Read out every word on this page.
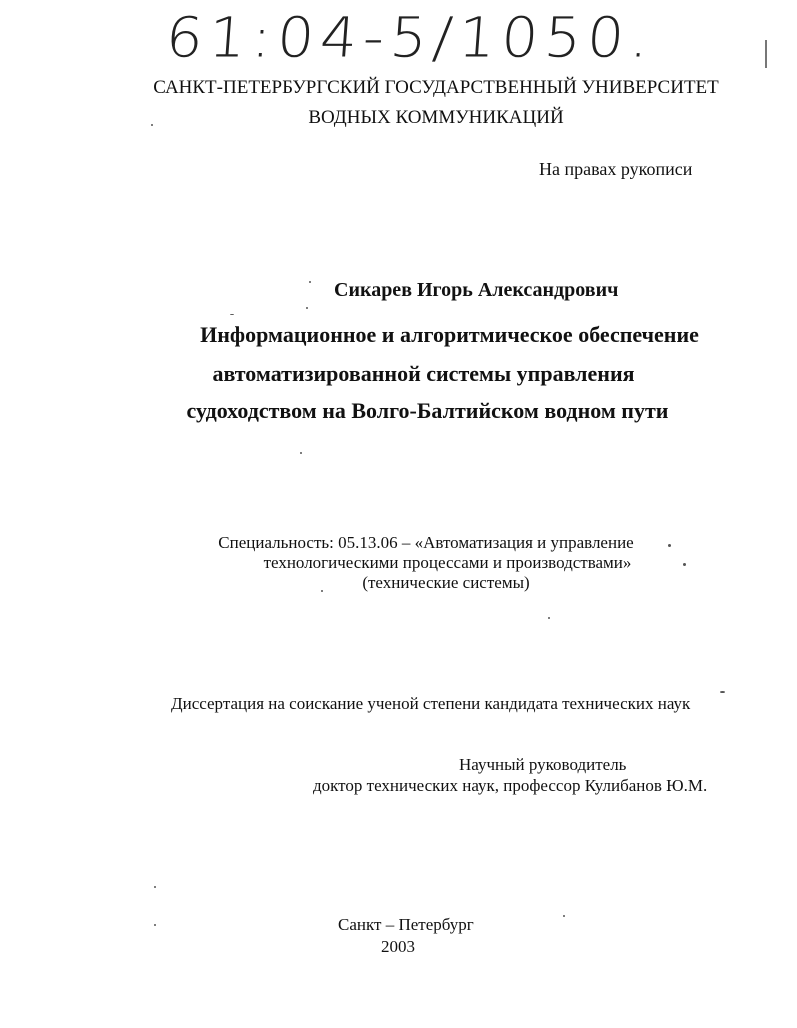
61:04-5/1050.
САНКТ-ПЕТЕРБУРГСКИЙ ГОСУДАРСТВЕННЫЙ УНИВЕРСИТЕТ
ВОДНЫХ КОММУНИКАЦИЙ
На правах рукописи
Сикарев Игорь Александрович
Информационное и алгоритмическое обеспечение
автоматизированной системы управления
судоходством на Волго-Балтийском водном пути
Специальность: 05.13.06 – «Автоматизация и управление
технологическими процессами и производствами»
(технические системы)
Диссертация на соискание ученой степени кандидата технических наук
Научный руководитель
доктор технических наук, профессор Кулибанов Ю.М.
Санкт – Петербург
2003
